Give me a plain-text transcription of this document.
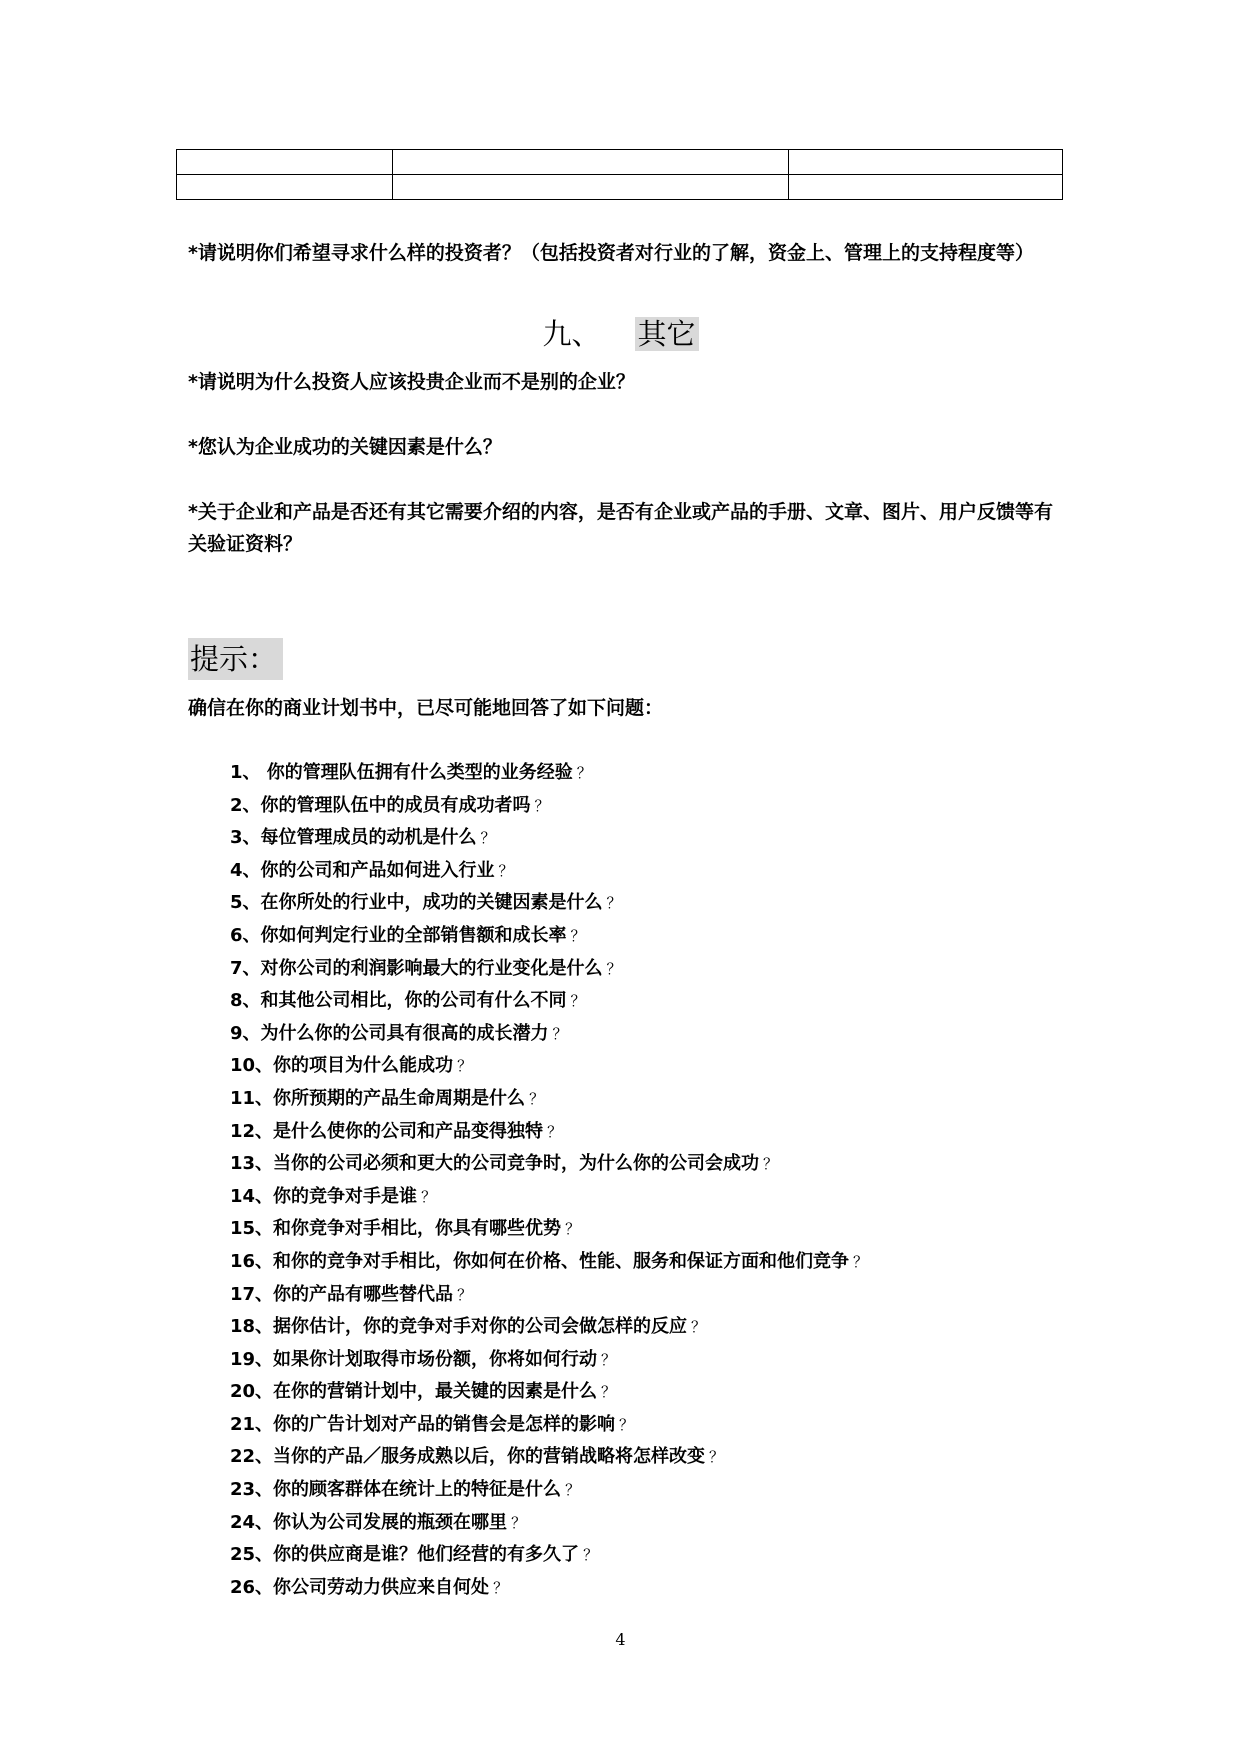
*请说明你们希望寻求什么样的投资者？（包括投资者对行业的了解，资金上、管理上的支持程度等）
九、 其它
*请说明为什么投资人应该投贵企业而不是别的企业？
*您认为企业成功的关键因素是什么？
*关于企业和产品是否还有其它需要介绍的内容，是否有企业或产品的手册、文章、图片、用户反馈等有关验证资料？
提示：
确信在你的商业计划书中，已尽可能地回答了如下问题：
1、 你的管理队伍拥有什么类型的业务经验 ？
2、你的管理队伍中的成员有成功者吗 ？
3、每位管理成员的动机是什么 ？
4、你的公司和产品如何进入行业 ？
5、在你所处的行业中，成功的关键因素是什么 ？
6、你如何判定行业的全部销售额和成长率 ？
7、对你公司的利润影响最大的行业变化是什么 ？
8、和其他公司相比，你的公司有什么不同 ？
9、为什么你的公司具有很高的成长潜力 ？
10、你的项目为什么能成功 ？
11、你所预期的产品生命周期是什么 ？
12、是什么使你的公司和产品变得独特 ？
13、当你的公司必须和更大的公司竞争时，为什么你的公司会成功 ？
14、你的竞争对手是谁 ？
15、和你竞争对手相比，你具有哪些优势 ？
16、和你的竞争对手相比，你如何在价格、性能、服务和保证方面和他们竞争 ？
17、你的产品有哪些替代品 ？
18、据你估计，你的竞争对手对你的公司会做怎样的反应 ？
19、如果你计划取得市场份额，你将如何行动 ？
20、在你的营销计划中，最关键的因素是什么 ？
21、你的广告计划对产品的销售会是怎样的影响 ？
22、当你的产品／服务成熟以后，你的营销战略将怎样改变 ？
23、你的顾客群体在统计上的特征是什么 ？
24、你认为公司发展的瓶颈在哪里 ？
25、你的供应商是谁？他们经营的有多久了 ？
26、你公司劳动力供应来自何处 ？
4
